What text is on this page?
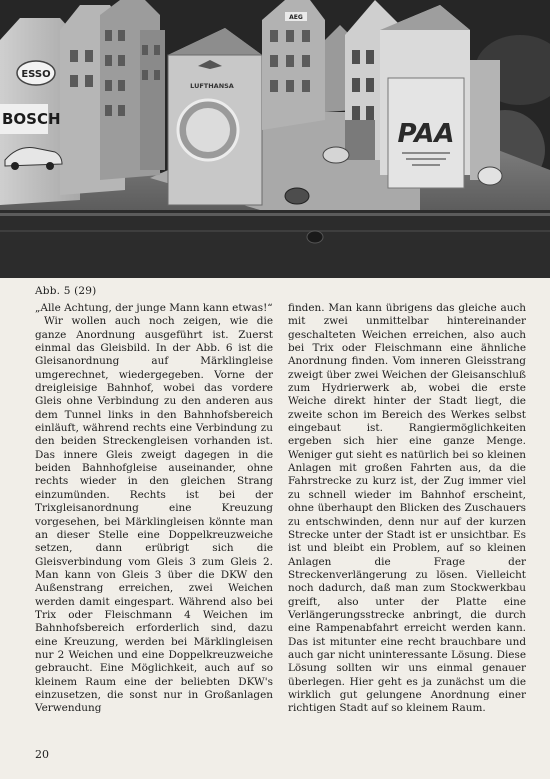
ESSO
BOSCH
LUFTHANSA
AEG
PAA
Abb. 5 (29)

„Alle Achtung, der junge Mann kann etwas!“

Wir wollen auch noch zeigen, wie die ganze Anordnung ausgeführt ist. Zuerst einmal das Gleisbild. In der Abb. 6 ist die Gleisanordnung auf Märklingleise umgerechnet, wiedergegeben. Vorne der dreigleisige Bahnhof, wobei das vordere Gleis ohne Verbindung zu den anderen aus dem Tunnel links in den Bahnhofsbereich einläuft, während rechts eine Verbindung zu den beiden Streckengleisen vorhanden ist. Das innere Gleis zweigt dagegen in die beiden Bahnhofgleise auseinander, ohne rechts wieder in den gleichen Strang einzumünden. Rechts ist bei der Trixgleisanordnung eine Kreuzung vorgesehen, bei Märklingleisen könnte man an dieser Stelle eine Doppelkreuzweiche setzen, dann erübrigt sich die Gleisverbindung vom Gleis 3 zum Gleis 2. Man kann von Gleis 3 über die DKW den Außenstrang erreichen, zwei Weichen werden damit eingespart. Während also bei Trix oder Fleischmann 4 Weichen im Bahnhofsbereich erforderlich sind, dazu eine Kreuzung, werden bei Märklingleisen nur 2 Weichen und eine Doppelkreuzweiche gebraucht. Eine Möglichkeit, auch auf so kleinem Raum eine der beliebten DKW's einzusetzen, die sonst nur in Großanlagen Verwendung

finden. Man kann übrigens das gleiche auch mit zwei unmittelbar hintereinander geschalteten Weichen erreichen, also auch bei Trix oder Fleischmann eine ähnliche Anordnung finden. Vom inneren Gleisstrang zweigt über zwei Weichen der Gleisanschluß zum Hydrierwerk ab, wobei die erste Weiche direkt hinter der Stadt liegt, die zweite schon im Bereich des Werkes selbst eingebaut ist. Rangiermöglichkeiten ergeben sich hier eine ganze Menge. Weniger gut sieht es natürlich bei so kleinen Anlagen mit großen Fahrten aus, da die Fahrstrecke zu kurz ist, der Zug immer viel zu schnell wieder im Bahnhof erscheint, ohne überhaupt den Blicken des Zuschauers zu entschwinden, denn nur auf der kurzen Strecke unter der Stadt ist er unsichtbar. Es ist und bleibt ein Problem, auf so kleinen Anlagen die Frage der Streckenverlängerung zu lösen. Vielleicht noch dadurch, daß man zum Stockwerkbau greift, also unter der Platte eine Verlängerungsstrecke anbringt, die durch eine Rampenabfahrt erreicht werden kann. Das ist mitunter eine recht brauchbare und auch gar nicht uninteressante Lösung. Diese Lösung sollten wir uns einmal genauer überlegen. Hier geht es ja zunächst um die wirklich gut gelungene Anordnung einer richtigen Stadt auf so kleinem Raum.

20
